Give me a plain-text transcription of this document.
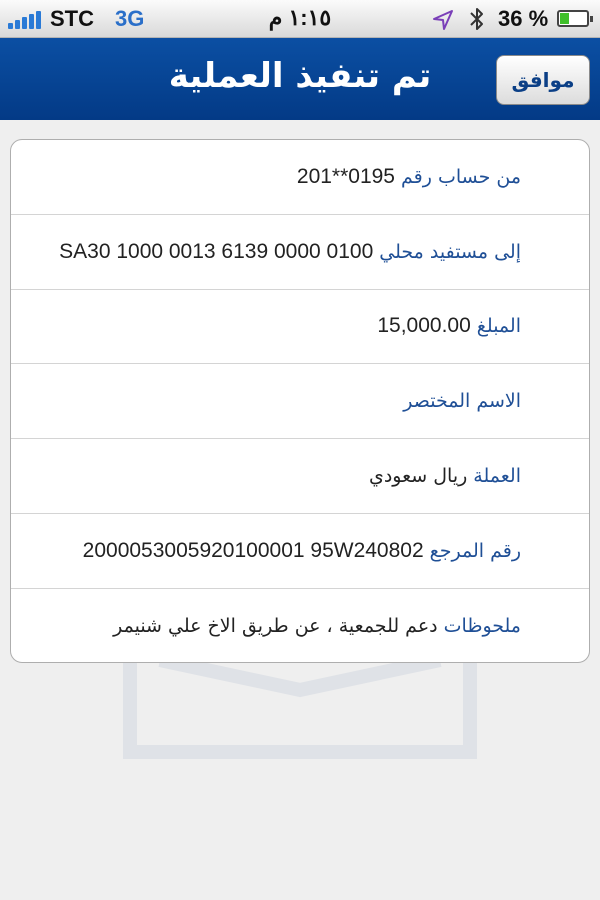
STC 3G	١:١٥ م	36 %
موافق
تم تنفيذ العملية
من حساب رقم
201**0195
إلى مستفيد محلي
SA30 1000 0013 6139 0000 0100
المبلغ
15,000.00
الاسم المختصر
العملة
ريال سعودي
رقم المرجع
2000053005920100001 95W240802
ملحوظات
دعم للجمعية ، عن طريق الاخ علي شنيمر
